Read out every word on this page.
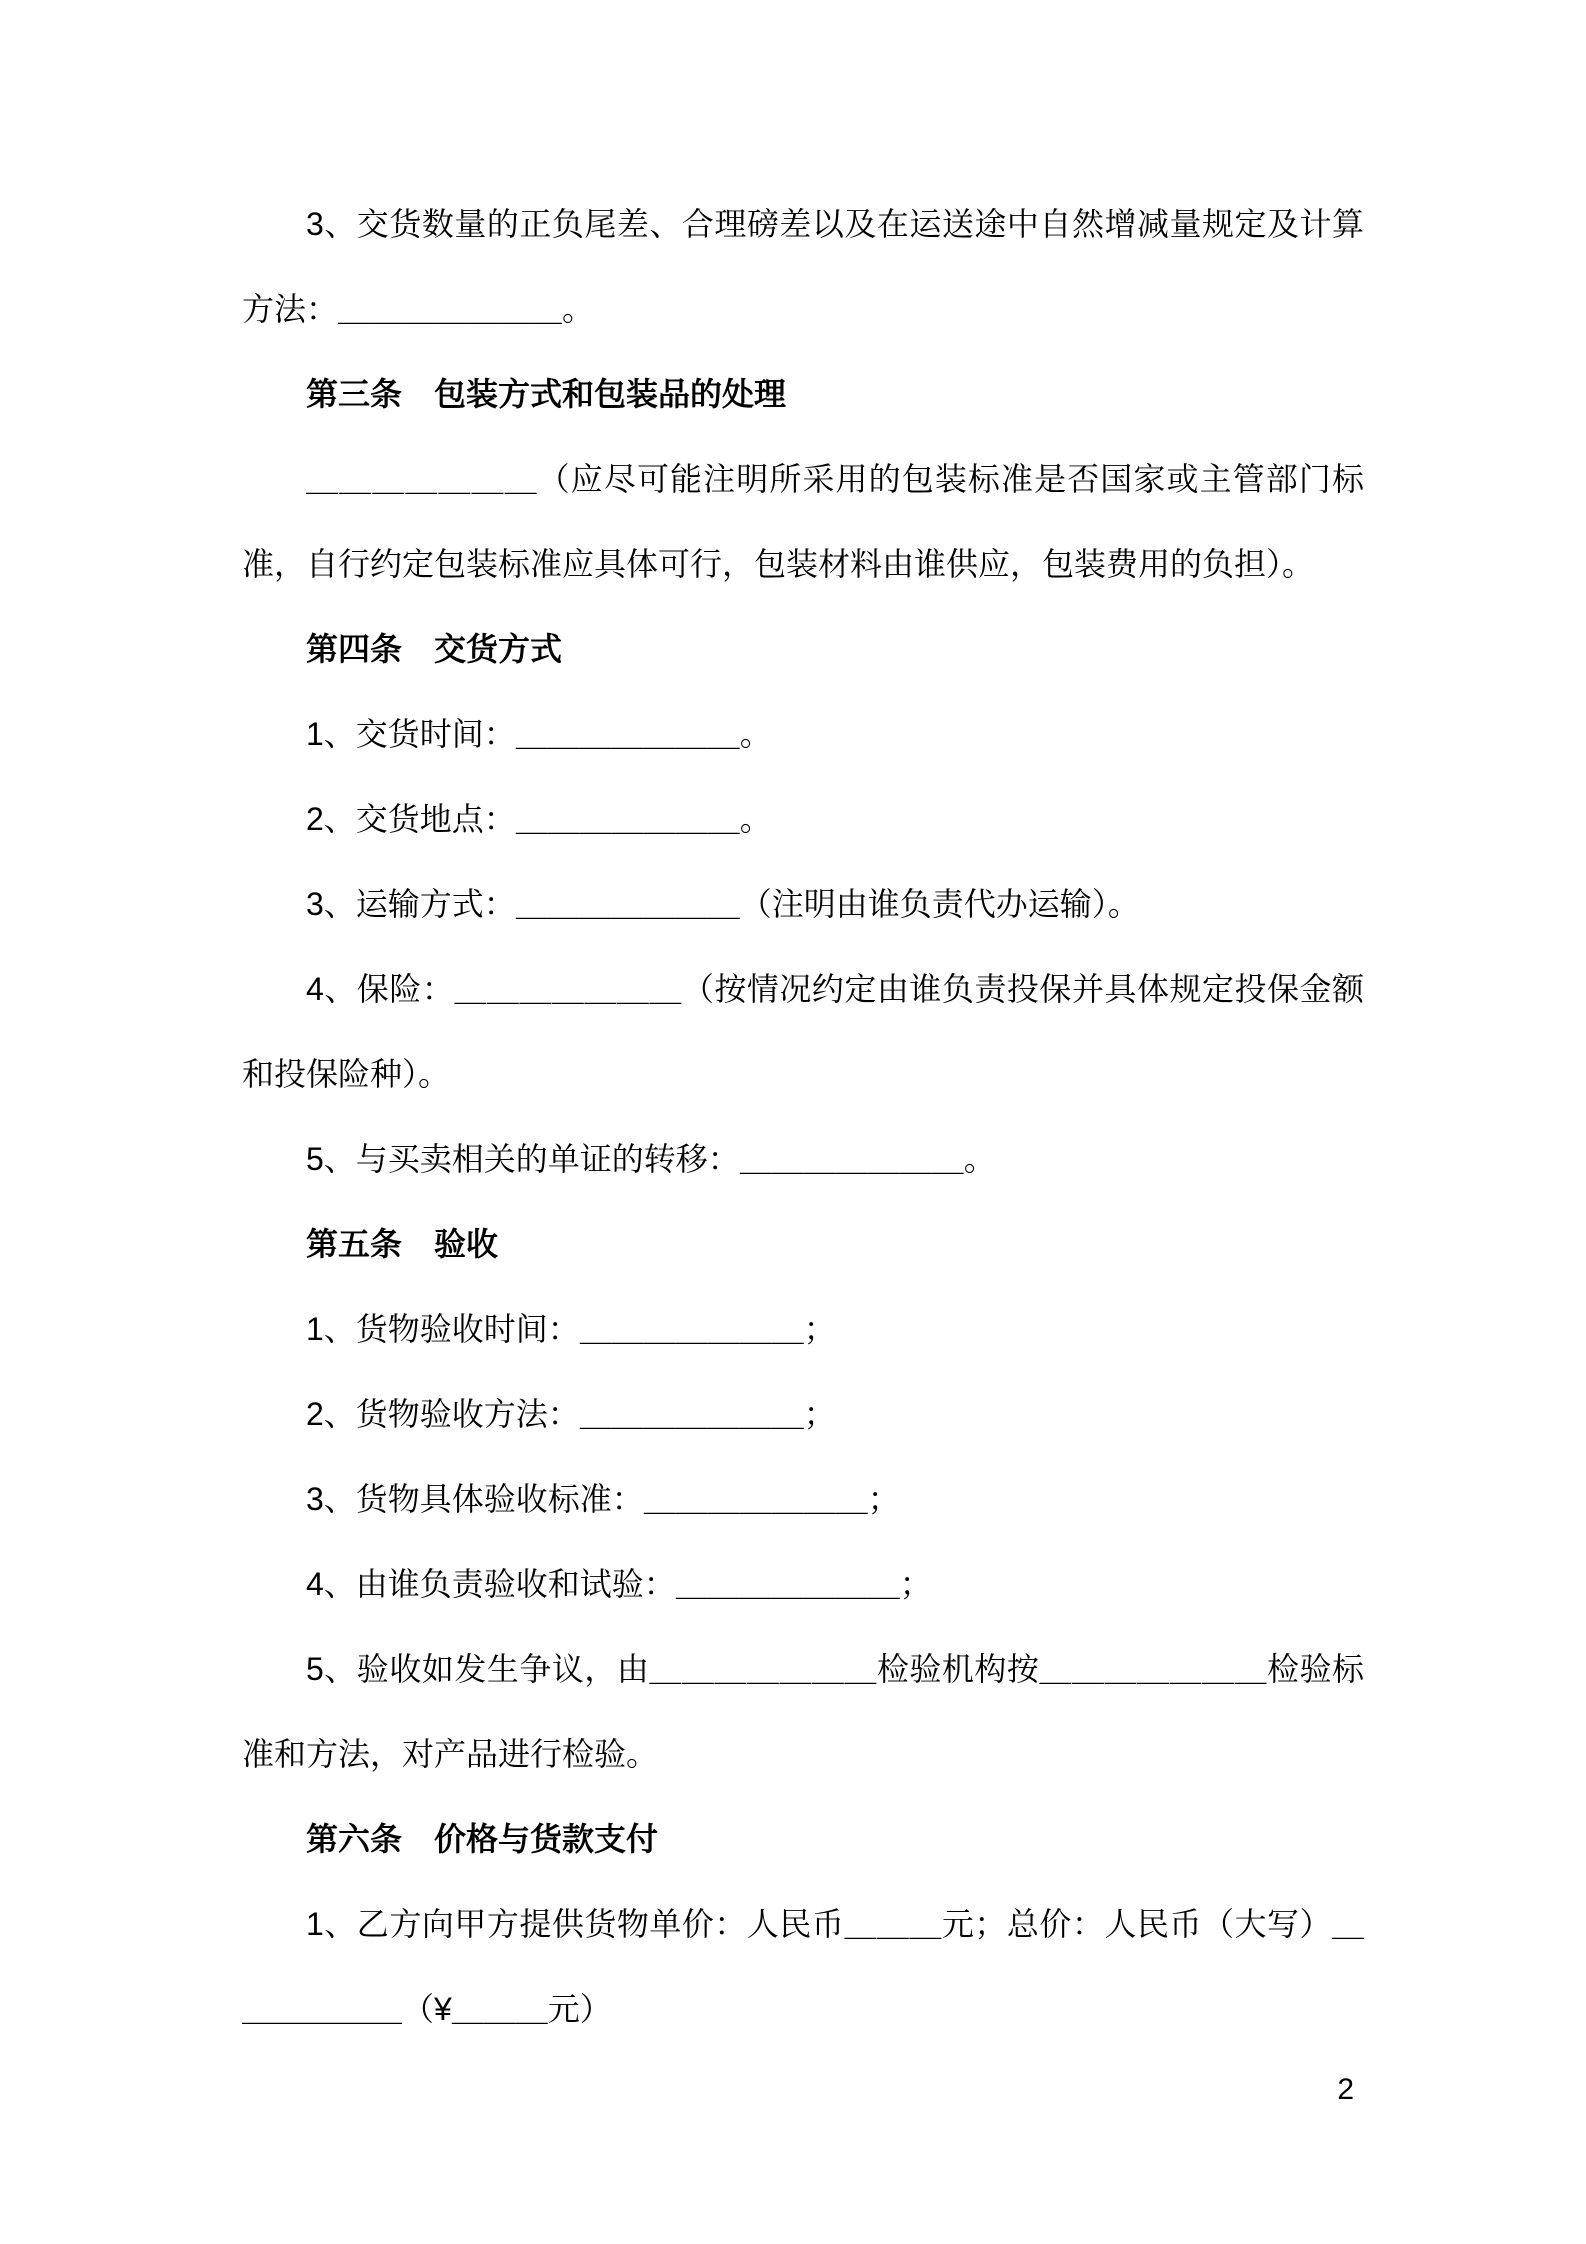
3、交货数量的正负尾差、合理磅差以及在运送途中自然增减量规定及计算方法：＿＿＿＿＿＿＿。

第三条　包装方式和包装品的处理

＿＿＿＿＿＿＿（应尽可能注明所采用的包装标准是否国家或主管部门标准，自行约定包装标准应具体可行，包装材料由谁供应，包装费用的负担）。

第四条　交货方式

1、交货时间：＿＿＿＿＿＿＿。

2、交货地点：＿＿＿＿＿＿＿。

3、运输方式：＿＿＿＿＿＿＿（注明由谁负责代办运输）。

4、保险：＿＿＿＿＿＿＿（按情况约定由谁负责投保并具体规定投保金额和投保险种）。

5、与买卖相关的单证的转移：＿＿＿＿＿＿＿。

第五条　验收

1、货物验收时间：＿＿＿＿＿＿＿；

2、货物验收方法：＿＿＿＿＿＿＿；

3、货物具体验收标准：＿＿＿＿＿＿＿；

4、由谁负责验收和试验：＿＿＿＿＿＿＿；

5、验收如发生争议，由＿＿＿＿＿＿＿检验机构按＿＿＿＿＿＿＿检验标准和方法，对产品进行检验。

第六条　价格与货款支付

1、乙方向甲方提供货物单价：人民币＿＿＿元；总价：人民币（大写）＿​＿​＿​＿​＿​＿（¥＿＿＿元）

2
